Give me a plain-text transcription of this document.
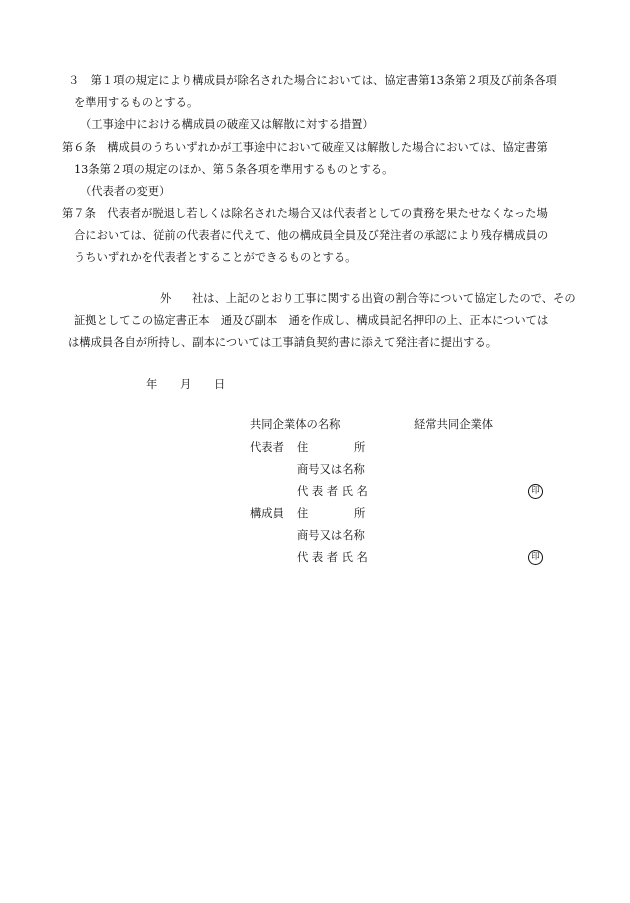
３　第１項の規定により構成員が除名された場合においては、協定書第13条第２項及び前条各項
を準用するものとする。
（工事途中における構成員の破産又は解散に対する措置）
第６条　構成員のうちいずれかが工事途中において破産又は解散した場合においては、協定書第
13条第２項の規定のほか、第５条各項を準用するものとする。
（代表者の変更）
第７条　代表者が脱退し若しくは除名された場合又は代表者としての責務を果たせなくなった場
合においては、従前の代表者に代えて、他の構成員全員及び発注者の承認により残存構成員の
うちいずれかを代表者とすることができるものとする。
外 社は、上記のとおり工事に関する出資の割合等について協定したので、その
証拠としてこの協定書正本　通及び副本　通を作成し、構成員記名押印の上、正本については
は構成員各自が所持し、副本については工事請負契約書に添えて発注者に提出する。
年 月 日
共同企業体の名称	経常共同企業体
代表者 住	所
商号又は名称
代 表 者 氏 名	印
構成員 住	所
商号又は名称
代 表 者 氏 名	印
